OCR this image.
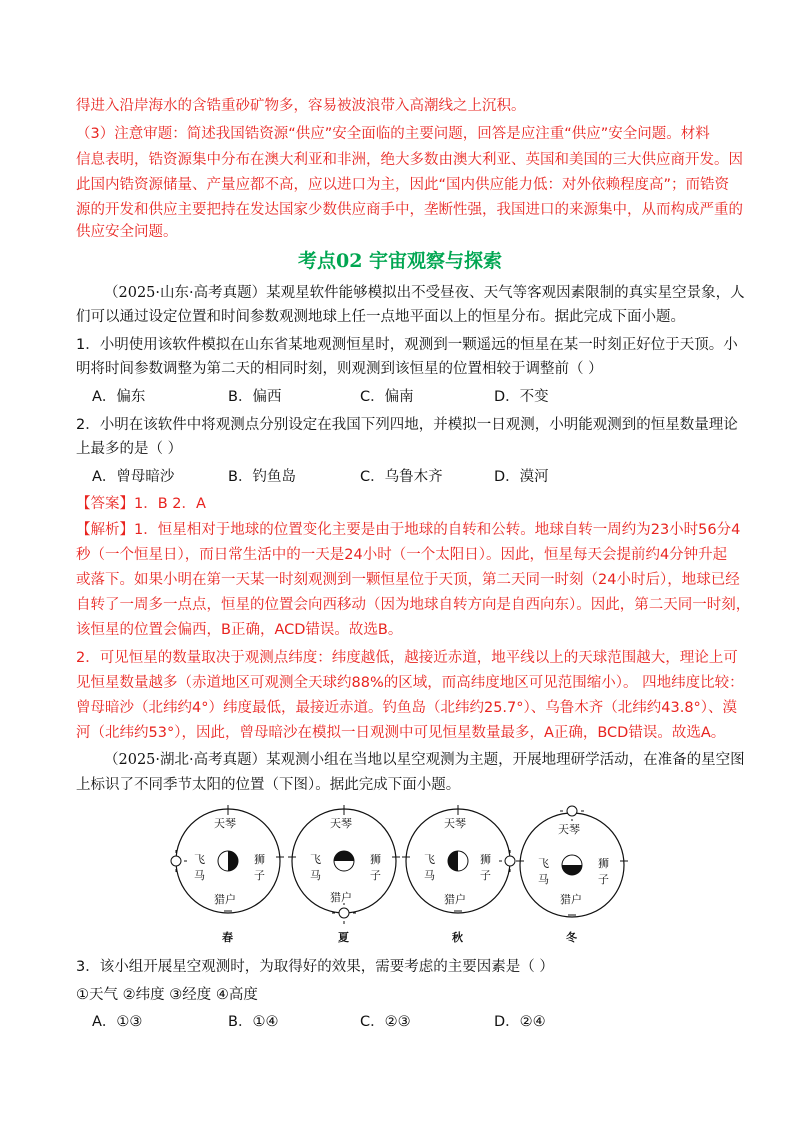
得进入沿岸海水的含锆重砂矿物多，容易被波浪带入高潮线之上沉积。
（3）注意审题：简述我国锆资源“供应”安全面临的主要问题，回答是应注重“供应”安全问题。材料
信息表明，锆资源集中分布在澳大利亚和非洲，绝大多数由澳大利亚、英国和美国的三大供应商开发。因
此国内锆资源储量、产量应都不高，应以进口为主，因此“国内供应能力低：对外依赖程度高”；而锆资
源的开发和供应主要把持在发达国家少数供应商手中，垄断性强，我国进口的来源集中，从而构成严重的
供应安全问题。
考点02 宇宙观察与探索
（2025·山东·高考真题）某观星软件能够模拟出不受昼夜、天气等客观因素限制的真实星空景象，人
们可以通过设定位置和时间参数观测地球上任一点地平面以上的恒星分布。据此完成下面小题。
1．小明使用该软件模拟在山东省某地观测恒星时，观测到一颗遥远的恒星在某一时刻正好位于天顶。小
明将时间参数调整为第二天的相同时刻，则观测到该恒星的位置相较于调整前（ ）
A．偏东	B．偏西	C．偏南	D．不变
2．小明在该软件中将观测点分别设定在我国下列四地，并模拟一日观测，小明能观测到的恒星数量理论
上最多的是（ ）
A．曾母暗沙	B．钓鱼岛	C．乌鲁木齐	D．漠河
【答案】1．B 2．A
【解析】1．恒星相对于地球的位置变化主要是由于地球的自转和公转。地球自转一周约为23小时56分4
秒（一个恒星日），而日常生活中的一天是24小时（一个太阳日）。因此，恒星每天会提前约4分钟升起
或落下。如果小明在第一天某一时刻观测到一颗恒星位于天顶，第二天同一时刻（24小时后），地球已经
自转了一周多一点点，恒星的位置会向西移动（因为地球自转方向是自西向东）。因此，第二天同一时刻，
该恒星的位置会偏西，B正确，ACD错误。故选B。
2．可见恒星的数量取决于观测点纬度：纬度越低，越接近赤道，地平线以上的天球范围越大，理论上可
见恒星数量越多（赤道地区可观测全天球约88%的区域，而高纬度地区可见范围缩小）。 四地纬度比较：
曾母暗沙（北纬约4°）纬度最低，最接近赤道。钓鱼岛（北纬约25.7°）、乌鲁木齐（北纬约43.8°）、漠
河（北纬约53°），因此，曾母暗沙在模拟一日观测中可见恒星数量最多，A正确，BCD错误。故选A。
（2025·湖北·高考真题）某观测小组在当地以星空观测为主题，开展地理研学活动，在准备的星空图
上标识了不同季节太阳的位置（下图）。据此完成下面小题。
天琴
飞
马
狮
子
猎户
春
天琴
飞
马
狮
子
猎户
夏
天琴
飞
马
狮
子
猎户
秋
天琴
飞
马
狮
子
猎户
冬
3．该小组开展星空观测时，为取得好的效果，需要考虑的主要因素是（ ）
①天气 ②纬度 ③经度 ④高度
A．①③	B．①④	C．②③	D．②④
